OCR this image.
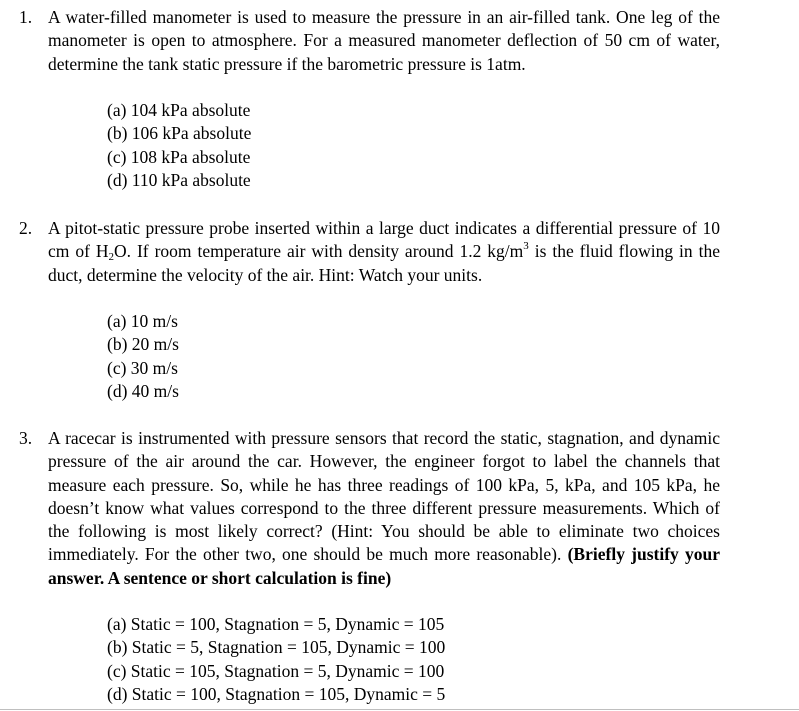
1. A water-filled manometer is used to measure the pressure in an air-filled tank. One leg of the manometer is open to atmosphere. For a measured manometer deflection of 50 cm of water, determine the tank static pressure if the barometric pressure is 1atm.
(a) 104 kPa absolute
(b) 106 kPa absolute
(c) 108 kPa absolute
(d) 110 kPa absolute
2. A pitot-static pressure probe inserted within a large duct indicates a differential pressure of 10 cm of $H_2O$. If room temperature air with density around 1.2 $kg/m^3$ is the fluid flowing in the duct, determine the velocity of the air. Hint: Watch your units.
(a) 10 m/s
(b) 20 m/s
(c) 30 m/s
(d) 40 m/s
3. A racecar is instrumented with pressure sensors that record the static, stagnation, and dynamic pressure of the air around the car. However, the engineer forgot to label the channels that measure each pressure. So, while he has three readings of 100 kPa, 5, kPa, and 105 kPa, he doesn’t know what values correspond to the three different pressure measurements. Which of the following is most likely correct? (Hint: You should be able to eliminate two choices immediately. For the other two, one should be much more reasonable). (Briefly justify your answer. A sentence or short calculation is fine)
(a) Static = 100, Stagnation = 5, Dynamic = 105
(b) Static = 5, Stagnation = 105, Dynamic = 100
(c) Static = 105, Stagnation = 5, Dynamic = 100
(d) Static = 100, Stagnation = 105, Dynamic = 5
